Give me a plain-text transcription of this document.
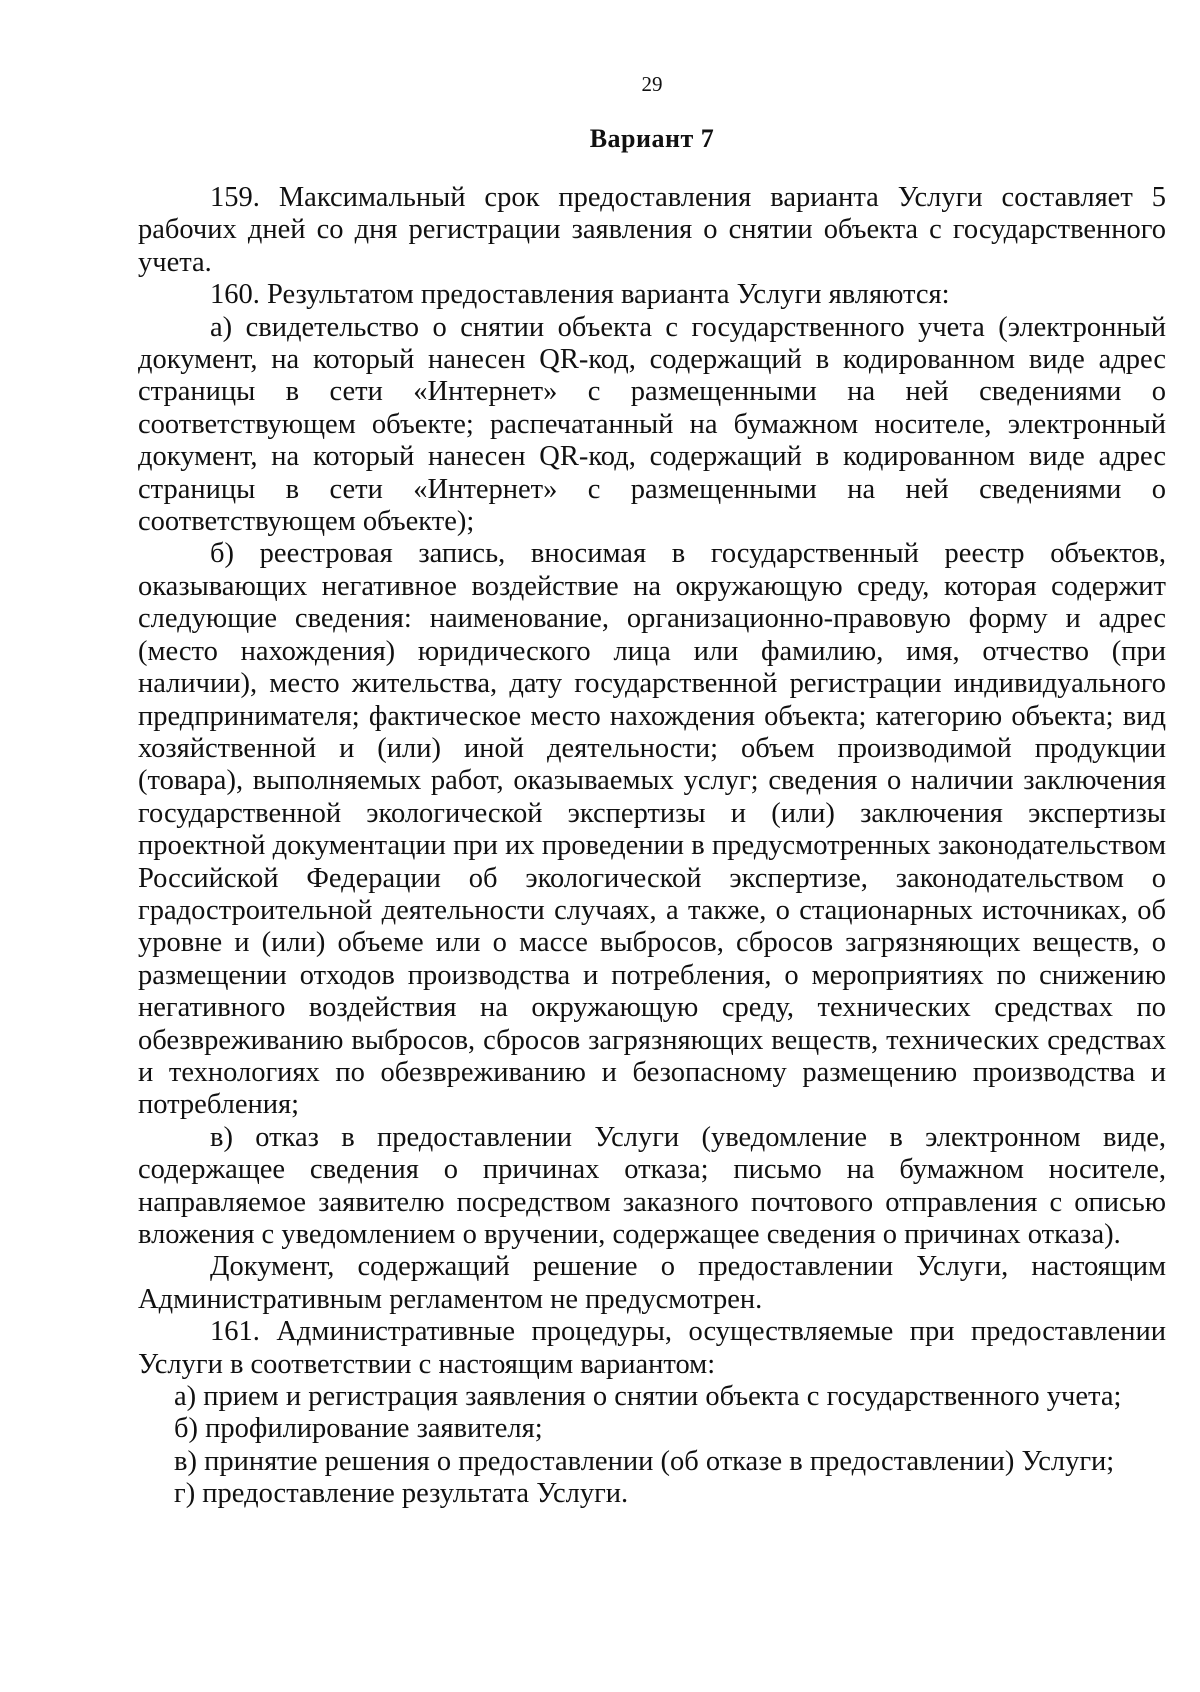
29
Вариант 7

159. Максимальный срок предоставления варианта Услуги составляет 5 рабочих дней со дня регистрации заявления о снятии объекта с государственного учета.

160. Результатом предоставления варианта Услуги являются:

а) свидетельство о снятии объекта с государственного учета (электронный документ, на который нанесен QR-код, содержащий в кодированном виде адрес страницы в сети «Интернет» с размещенными на ней сведениями о соответствующем объекте; распечатанный на бумажном носителе, электронный документ, на который нанесен QR-код, содержащий в кодированном виде адрес страницы в сети «Интернет» с размещенными на ней сведениями о соответствующем объекте);

б) реестровая запись, вносимая в государственный реестр объектов, оказывающих негативное воздействие на окружающую среду, которая содержит следующие сведения: наименование, организационно-правовую форму и адрес (место нахождения) юридического лица или фамилию, имя, отчество (при наличии), место жительства, дату государственной регистрации индивидуального предпринимателя; фактическое место нахождения объекта; категорию объекта; вид хозяйственной и (или) иной деятельности; объем производимой продукции (товара), выполняемых работ, оказываемых услуг; сведения о наличии заключения государственной экологической экспертизы и (или) заключения экспертизы проектной документации при их проведении в предусмотренных законодательством Российской Федерации об экологической экспертизе, законодательством о градостроительной деятельности случаях, а также, о стационарных источниках, об уровне и (или) объеме или о массе выбросов, сбросов загрязняющих веществ, о размещении отходов производства и потребления, о мероприятиях по снижению негативного воздействия на окружающую среду, технических средствах по обезвреживанию выбросов, сбросов загрязняющих веществ, технических средствах и технологиях по обезвреживанию и безопасному размещению производства и потребления;

в) отказ в предоставлении Услуги (уведомление в электронном виде, содержащее сведения о причинах отказа; письмо на бумажном носителе, направляемое заявителю посредством заказного почтового отправления с описью вложения с уведомлением о вручении, содержащее сведения о причинах отказа).

Документ, содержащий решение о предоставлении Услуги, настоящим Административным регламентом не предусмотрен.

161. Административные процедуры, осуществляемые при предоставлении Услуги в соответствии с настоящим вариантом:

а) прием и регистрация заявления о снятии объекта с государственного учета;

б) профилирование заявителя;

в) принятие решения о предоставлении (об отказе в предоставлении) Услуги;

г) предоставление результата Услуги.
